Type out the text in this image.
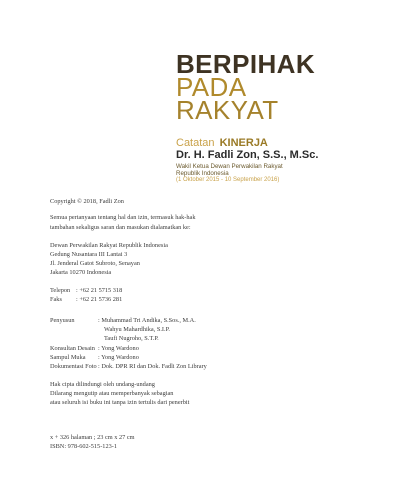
BERPIHAK
PADA
RAKYAT
Catatan KINERJA
Dr. H. Fadli Zon, S.S., M.Sc.
Wakil Ketua Dewan Perwakilan Rakyat
Republik Indonesia
(1 Oktober 2015 - 10 September 2016)
Copyright © 2018, Fadli Zon
Semua pertanyaan tentang hal dan izin, termasuk hak-hak
tambahan sekaligus saran dan masukan dialamatkan ke:
Dewan Perwakilan Rakyat Republik Indonesia
Gedung Nusantara III Lantai 3
Jl. Jenderal Gatot Subroto, Senayan
Jakarta 10270 Indonesia
Telepon : +62 21 5715 318
Faks : +62 21 5736 281
Penyusun	: Muhammad Tri Andika, S.Sos., M.A.
Wahyu Mahardhika, S.I.P.
Taufi Nugroho, S.T.P.
Konsultan Desain : Yong Wardono
Sampul Muka : Yong Wardono
Dokumentasi Foto : Dok. DPR RI dan Dok. Fadli Zon Library
Hak cipta dilindungi oleh undang-undang
Dilarang mengutip atau memperbanyak sebagian
atau seluruh isi buku ini tanpa izin tertulis dari penerbit
x + 326 halaman ; 23 cm x 27 cm
ISBN: 978-602-515-123-1
